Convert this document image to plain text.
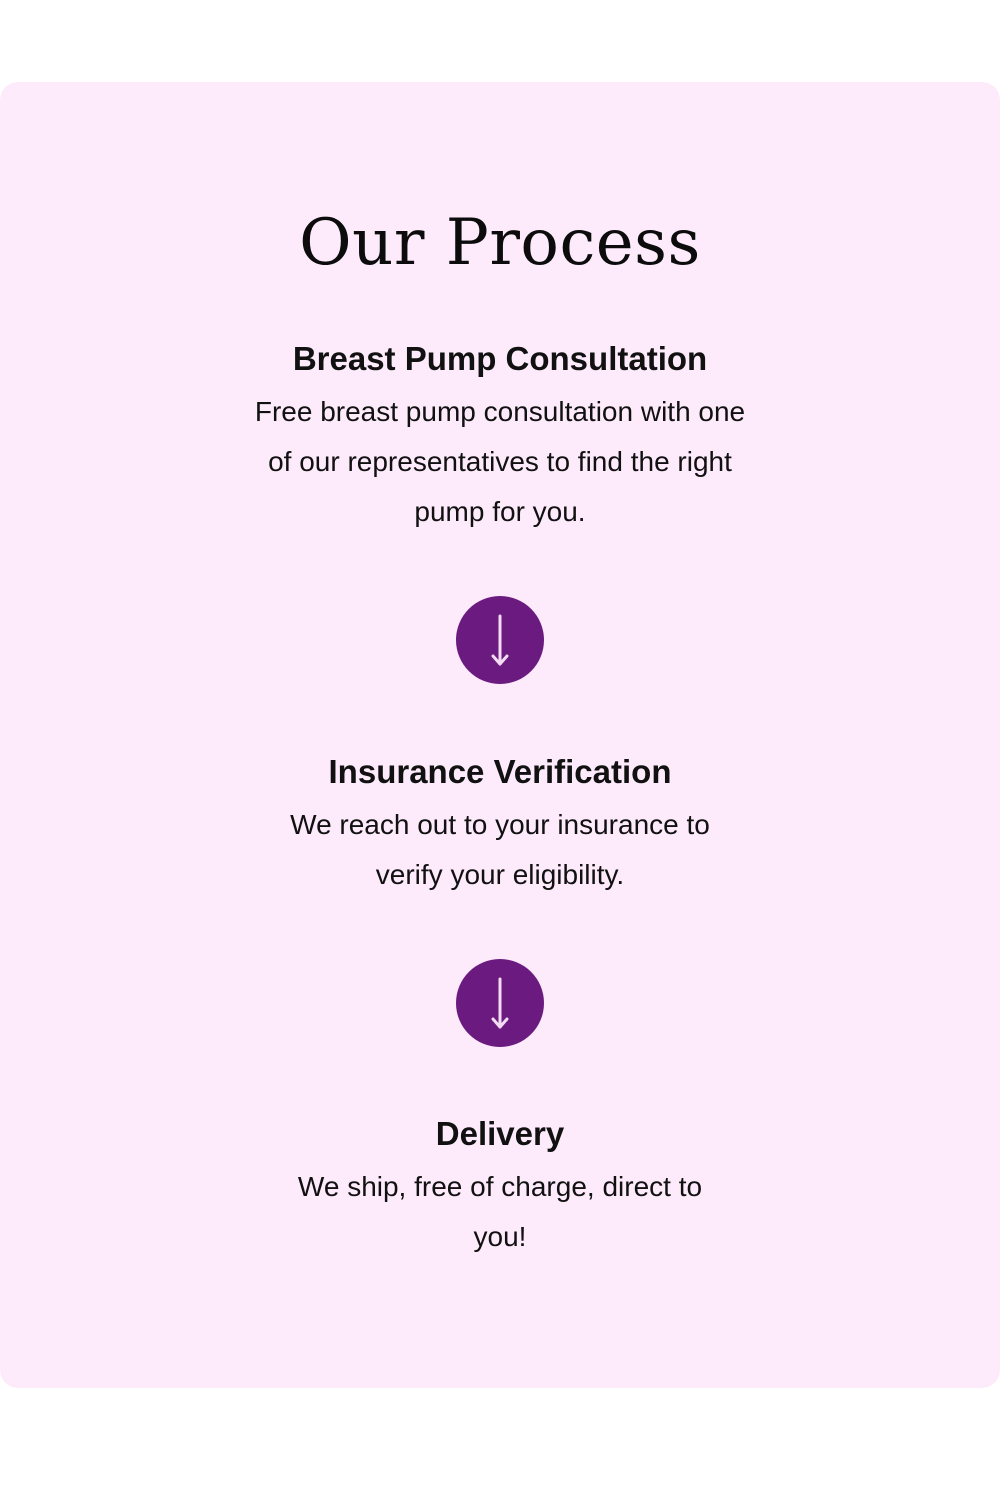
Our Process
Breast Pump Consultation

Free breast pump consultation with one of our representatives to find the right pump for you.

Insurance Verification

We reach out to your insurance to verify your eligibility.

Delivery

We ship, free of charge, direct to you!
